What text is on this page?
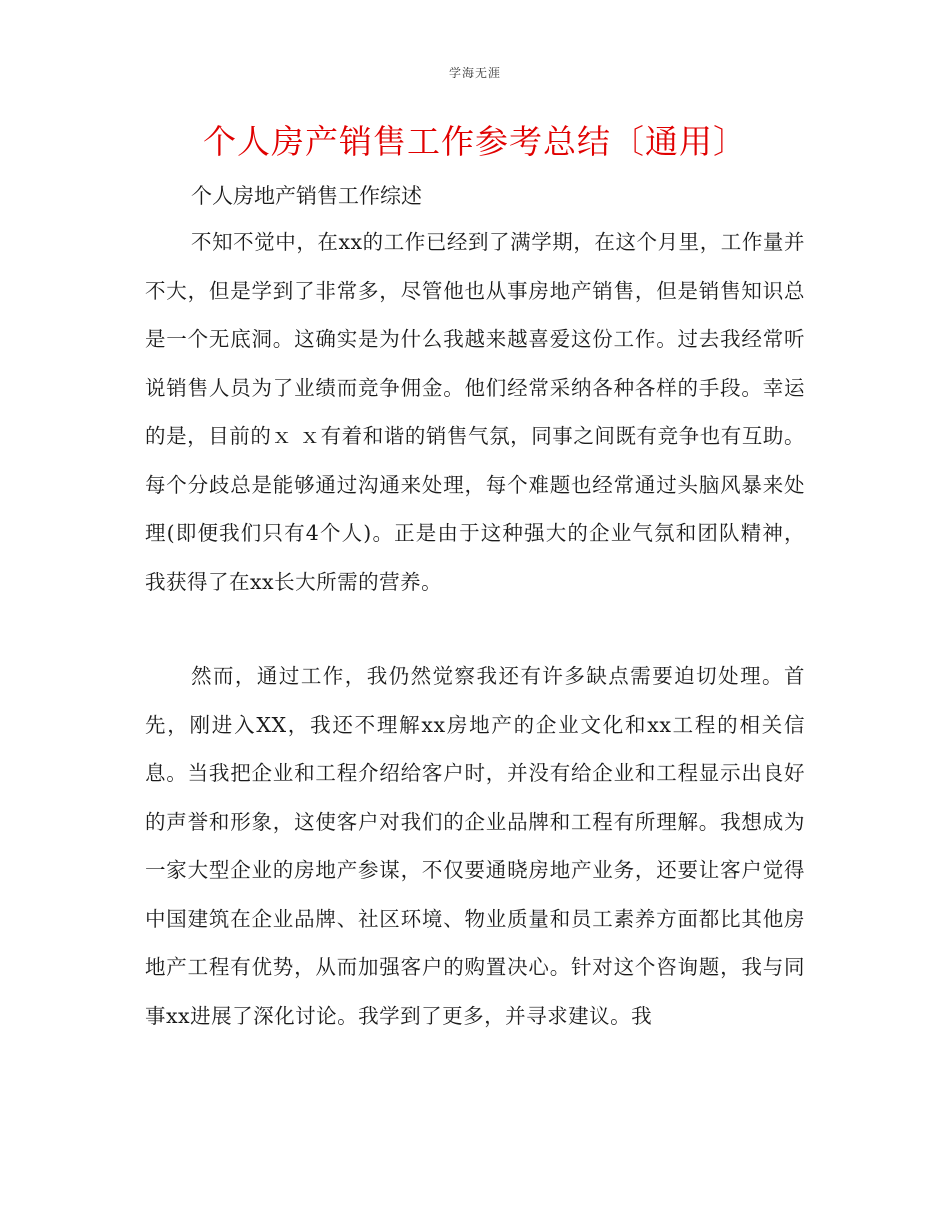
学海无涯
个人房产销售工作参考总结〔通用〕
个人房地产销售工作综述

不知不觉中，在xx的工作已经到了满学期，在这个月里，工作量并不大，但是学到了非常多，尽管他也从事房地产销售，但是销售知识总是一个无底洞。这确实是为什么我越来越喜爱这份工作。过去我经常听说销售人员为了业绩而竞争佣金。他们经常采纳各种各样的手段。幸运的是，目前的ｘ ｘ有着和谐的销售气氛，同事之间既有竞争也有互助。每个分歧总是能够通过沟通来处理，每个难题也经常通过头脑风暴来处理(即便我们只有4个人)。正是由于这种强大的企业气氛和团队精神，我获得了在xx长大所需的营养。

然而，通过工作，我仍然觉察我还有许多缺点需要迫切处理。首先，刚进入XX，我还不理解xx房地产的企业文化和xx工程的相关信息。当我把企业和工程介绍给客户时，并没有给企业和工程显示出良好的声誉和形象，这使客户对我们的企业品牌和工程有所理解。我想成为一家大型企业的房地产参谋，不仅要通晓房地产业务，还要让客户觉得中国建筑在企业品牌、社区环境、物业质量和员工素养方面都比其他房地产工程有优势，从而加强客户的购置决心。针对这个咨询题，我与同事xx进展了深化讨论。我学到了更多，并寻求建议。我
